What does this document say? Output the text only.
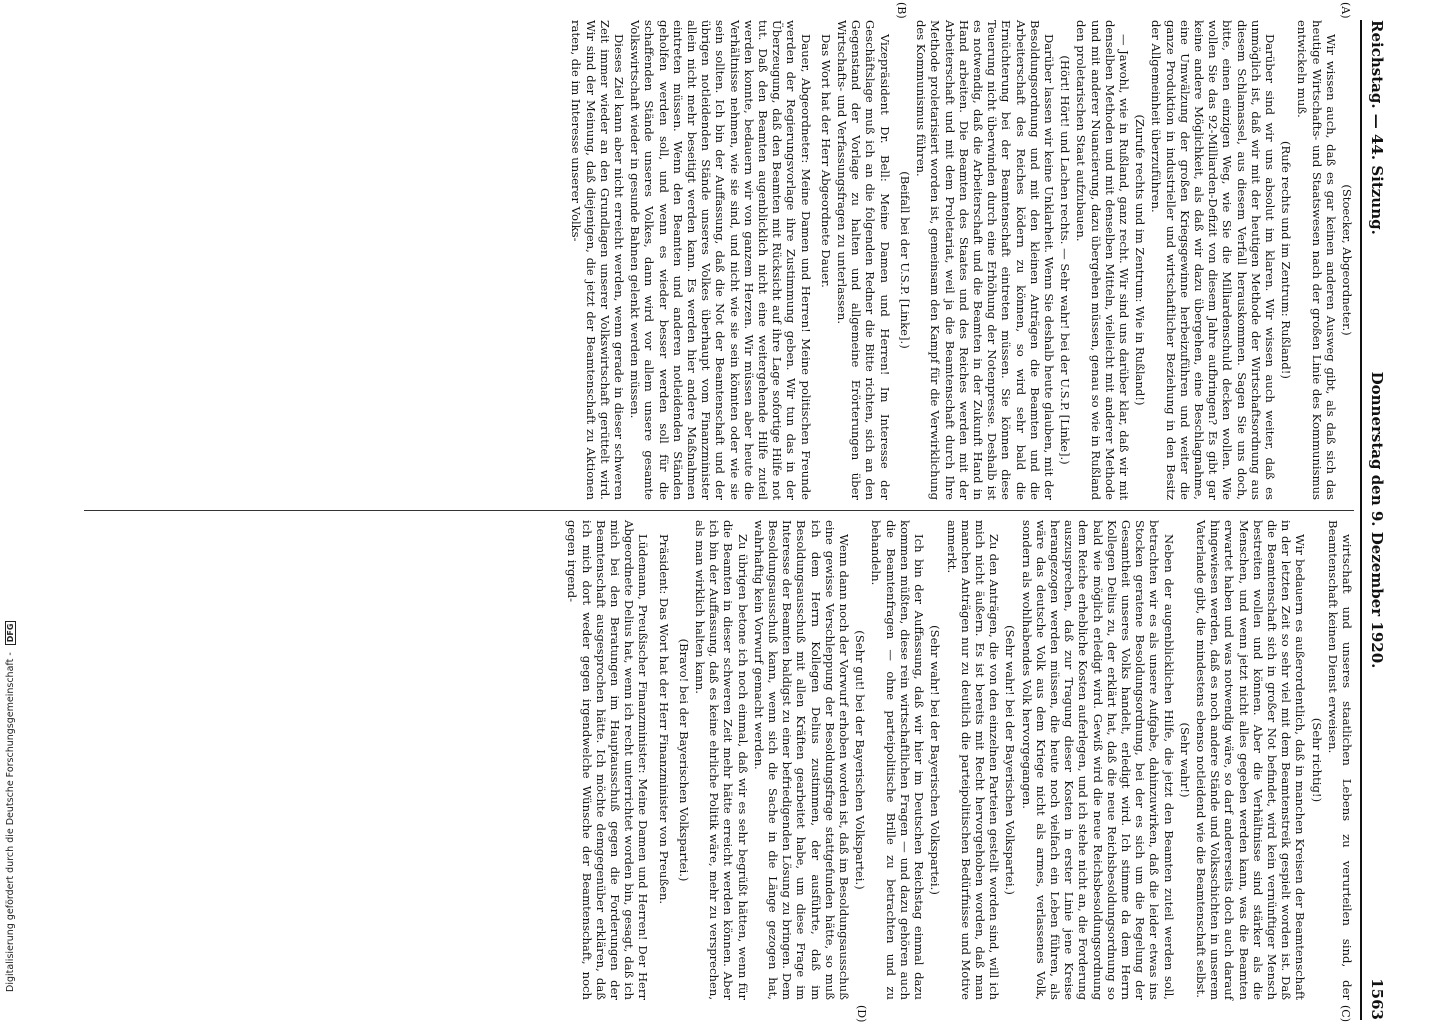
Reichstag. — 44. Sitzung.
Donnerstag den 9. Dezember 1920.
1563
(A)
(B)
(C)
(D)

(Stoecker, Abgeordneter.)

Wir wissen auch, daß es gar keinen anderen Ausweg gibt, als daß sich das heutige Wirtschafts- und Staatswesen nach der großen Linie des Kommunismus entwickeln muß.

(Rufe rechts und im Zentrum: Rußland!)

Darüber sind wir uns absolut im klaren. Wir wissen auch weiter, daß es unmöglich ist, daß wir mit der heutigen Methode der Wirtschaftsordnung aus diesem Schlamassel, aus diesem Verfall herauskommen. Sagen Sie uns doch, bitte, einen einzigen Weg, wie Sie die Milliardenschuld decken wollen. Wie wollen Sie das 92-Milliarden-Defizit von diesem Jahre aufbringen? Es gibt gar keine andere Möglichkeit, als daß wir dazu übergehen, eine Beschlagnahme, eine Umwälzung der großen Kriegsgewinne herbeizuführen und weiter die ganze Produktion in industrieller und wirtschaftlicher Beziehung in den Besitz der Allgemeinheit überzuführen.

(Zurufe rechts und im Zentrum: Wie in Rußland!)

— Jawohl, wie in Rußland, ganz recht. Wir sind uns darüber klar, daß wir mit denselben Methoden und mit denselben Mitteln, vielleicht mit anderer Methode und mit anderer Nuancierung, dazu übergehen müssen, genau so wie in Rußland den proletarischen Staat aufzubauen.

(Hört! Hört! und Lachen rechts. — Sehr wahr! bei der U.S.P. [Linke].)

Darüber lassen wir keine Unklarheit. Wenn Sie deshalb heute glauben, mit der Besoldungsordnung und mit den kleinen Anträgen die Beamten und die Arbeiterschaft des Reiches ködern zu können, so wird sehr bald die Ernüchterung bei der Beamtenschaft eintreten müssen. Sie können diese Teuerung nicht überwinden durch eine Erhöhung der Notenpresse. Deshalb ist es notwendig, daß die Arbeiterschaft und die Beamten in der Zukunft Hand in Hand arbeiten. Die Beamten des Staates und des Reiches werden mit der Arbeiterschaft und mit dem Proletariat, weil ja die Beamtenschaft durch Ihre Methode proletarisiert worden ist, gemeinsam den Kampf für die Verwirklichung des Kommunismus führen.

(Beifall bei der U.S.P. [Linke].)

Vizepräsident Dr. Bell: Meine Damen und Herren! Im Interesse der Geschäftslage muß ich an die folgenden Redner die Bitte richten, sich an den Gegenstand der Vorlage zu halten und allgemeine Erörterungen über Wirtschafts- und Verfassungsfragen zu unterlassen.

Das Wort hat der Herr Abgeordnete Dauer.

Dauer, Abgeordneter: Meine Damen und Herren! Meine politischen Freunde werden der Regierungsvorlage ihre Zustimmung geben. Wir tun das in der Überzeugung, daß den Beamten mit Rücksicht auf ihre Lage sofortige Hilfe not tut. Daß den Beamten augenblicklich nicht eine weitergehende Hilfe zuteil werden konnte, bedauern wir von ganzem Herzen. Wir müssen aber heute die Verhältnisse nehmen, wie sie sind, und nicht wie sie sein könnten oder wie sie sein sollten. Ich bin der Auffassung, daß die Not der Beamtenschaft und der übrigen notleidenden Stände unseres Volkes überhaupt vom Finanzminister allein nicht mehr beseitigt werden kann. Es werden hier andere Maßnahmen eintreten müssen. Wenn den Beamten und anderen notleidenden Ständen geholfen werden soll, und wenn es wieder besser werden soll für die schaffenden Stände unseres Volkes, dann wird vor allem unsere gesamte Volkswirtschaft wieder in gesunde Bahnen gelenkt werden müssen.

Dieses Ziel kann aber nicht erreicht werden, wenn gerade in dieser schweren Zeit immer wieder an den Grundlagen unserer Volkswirtschaft gerüttelt wird. Wir sind der Meinung, daß diejenigen, die jetzt der Beamtenschaft zu Aktionen raten, die im Interesse unserer Volks-

wirtschaft und unseres staatlichen Lebens zu verurteilen sind, der Beamtenschaft keinen Dienst erweisen.

(Sehr richtig!)

Wir bedauern es außerordentlich, daß in manchen Kreisen der Beamtenschaft in der letzten Zeit so sehr viel mit dem Beamtenstreik gespielt worden ist. Daß die Beamtenschaft sich in großer Not befindet, wird kein vernünftiger Mensch bestreiten wollen und können. Aber die Verhältnisse sind stärker als die Menschen, und wenn jetzt nicht alles gegeben werden kann, was die Beamten erwartet haben und was notwendig wäre, so darf andererseits doch auch darauf hingewiesen werden, daß es noch andere Stände und Volksschichten in unserem Vaterlande gibt, die mindestens ebenso notleidend wie die Beamtenschaft selbst.

(Sehr wahr!)

Neben der augenblicklichen Hilfe, die jetzt den Beamten zuteil werden soll, betrachten wir es als unsere Aufgabe, dahinzuwirken, daß die leider etwas ins Stocken geratene Besoldungsordnung, bei der es sich um die Regelung der Gesamtheit unseres Volks handelt, erledigt wird. Ich stimme da dem Herrn Kollegen Delius zu, der erklärt hat, daß die neue Reichsbesoldungsordnung so bald wie möglich erledigt wird. Gewiß wird die neue Reichsbesoldungsordnung dem Reiche erhebliche Kosten auferlegen, und ich stehe nicht an, die Forderung auszusprechen, daß zur Tragung dieser Kosten in erster Linie jene Kreise herangezogen werden müssen, die heute noch vielfach ein Leben führen, als wäre das deutsche Volk aus dem Kriege nicht als armes, verlassenes Volk, sondern als wohlhabendes Volk hervorgegangen.

(Sehr wahr! bei der Bayerischen Volkspartei.)

Zu den Anträgen, die von den einzelnen Parteien gestellt worden sind, will ich mich nicht äußern. Es ist bereits mit Recht hervorgehoben worden, daß man manchen Anträgen nur zu deutlich die parteipolitischen Bedürfnisse und Motive anmerkt.

(Sehr wahr! bei der Bayerischen Volkspartei.)

Ich bin der Auffassung, daß wir hier im Deutschen Reichstag einmal dazu kommen müßten, diese rein wirtschaftlichen Fragen — und dazu gehören auch die Beamtenfragen — ohne parteipolitische Brille zu betrachten und zu behandeln.

(Sehr gut! bei der Bayerischen Volkspartei.)

Wenn dann noch der Vorwurf erhoben worden ist, daß im Besoldungsausschuß eine gewisse Verschleppung der Besoldungsfrage stattgefunden hätte, so muß ich dem Herrn Kollegen Delius zustimmen, der ausführte, daß im Besoldungsausschuß mit allen Kräften gearbeitet habe, um diese Frage im Interesse der Beamten baldigst zu einer befriedigenden Lösung zu bringen. Dem Besoldungsausschuß kann, wenn sich die Sache in die Länge gezogen hat, wahrhaftig kein Vorwurf gemacht werden.

Zu übrigen betone ich noch einmal, daß wir es sehr begrüßt hätten, wenn für die Beamten in dieser schweren Zeit mehr hätte erreicht werden können. Aber ich bin der Auffassung, daß es keine ehrliche Politik wäre, mehr zu versprechen, als man wirklich halten kann.

(Bravo! bei der Bayerischen Volkspartei.)

Präsident: Das Wort hat der Herr Finanzminister von Preußen.

Lüdemann, Preußischer Finanzminister: Meine Damen und Herren! Der Herr Abgeordnete Delius hat, wenn ich recht unterrichtet worden bin, gesagt, daß ich mich bei den Beratungen im Hauptausschuß gegen die Forderungen der Beamtenschaft ausgesprochen hätte. Ich möchte demgegenüber erklären, daß ich mich dort weder gegen irgendwelche Wünsche der Beamtenschaft, noch gegen irgend-

Digitalisierung gefördert durch die Deutsche Forschungsgemeinschaft - DFG
